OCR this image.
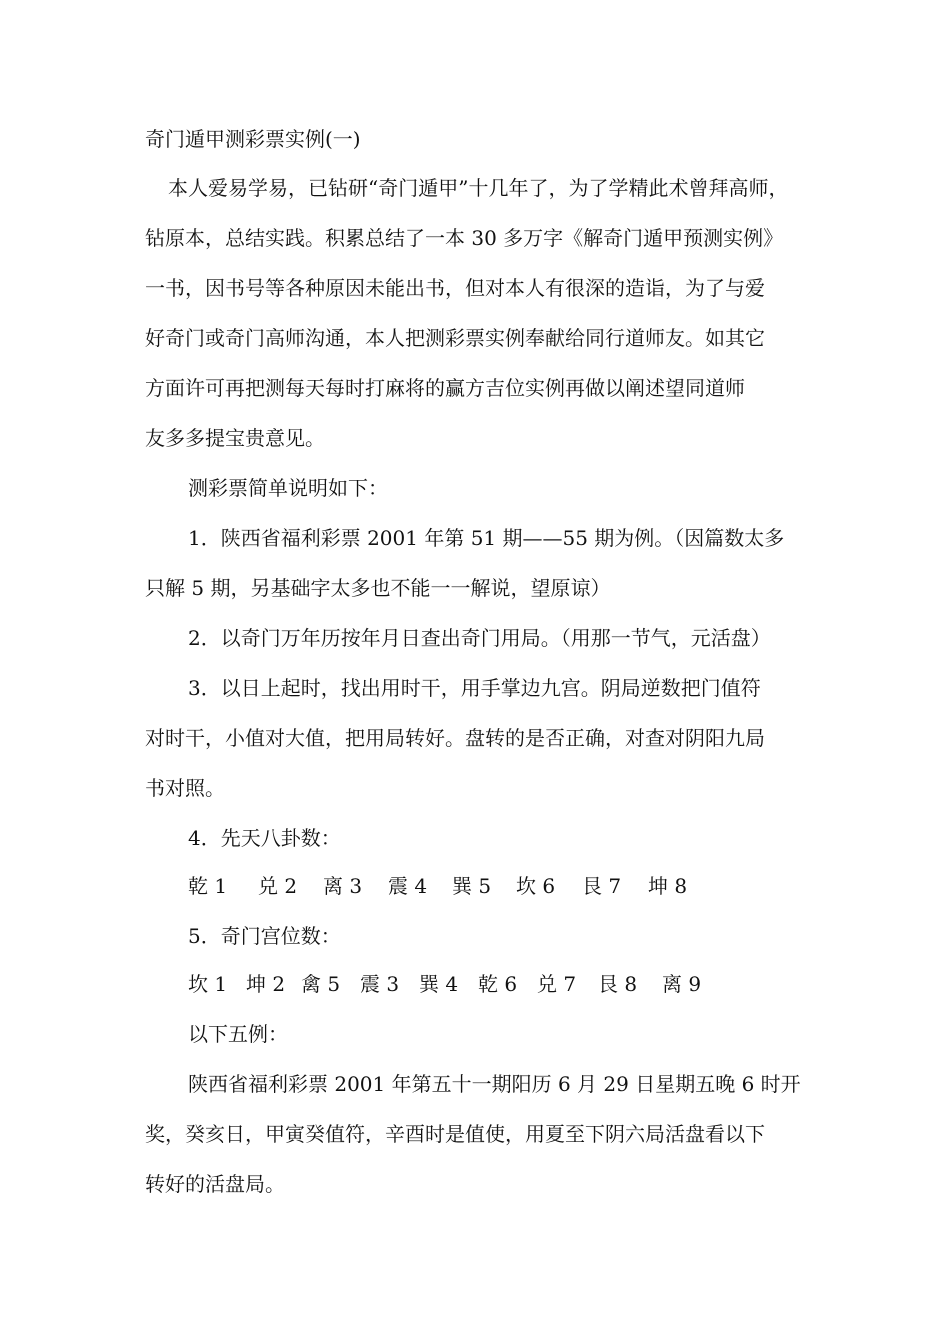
奇门遁甲测彩票实例(一)

本人爱易学易，已钻研“奇门遁甲”十几年了，为了学精此术曾拜高师，

钻原本，总结实践。积累总结了一本 30 多万字《解奇门遁甲预测实例》

一书，因书号等各种原因未能出书，但对本人有很深的造诣，为了与爱

好奇门或奇门高师沟通，本人把测彩票实例奉献给同行道师友。如其它

方面许可再把测每天每时打麻将的赢方吉位实例再做以阐述望同道师

友多多提宝贵意见。

测彩票简单说明如下：

1．陕西省福利彩票 2001 年第 51 期——55 期为例。（因篇数太多

只解 5 期，另基础字太多也不能一一解说，望原谅）

2．以奇门万年历按年月日查出奇门用局。（用那一节气，元活盘）

3．以日上起时，找出用时干，用手掌边九宫。阴局逆数把门值符

对时干，小值对大值，把用局转好。盘转的是否正确，对查对阴阳九局

书对照。

4．先天八卦数：

乾 1 兑 2 离 3 震 4 巽 5 坎 6 艮 7 坤 8

5．奇门宫位数：

坎 1 坤 2 禽 5 震 3 巽 4 乾 6 兑 7 艮 8 离 9

以下五例：

陕西省福利彩票 2001 年第五十一期阳历 6 月 29 日星期五晚 6 时开

奖，癸亥日，甲寅癸值符，辛酉时是值使，用夏至下阴六局活盘看以下

转好的活盘局。
